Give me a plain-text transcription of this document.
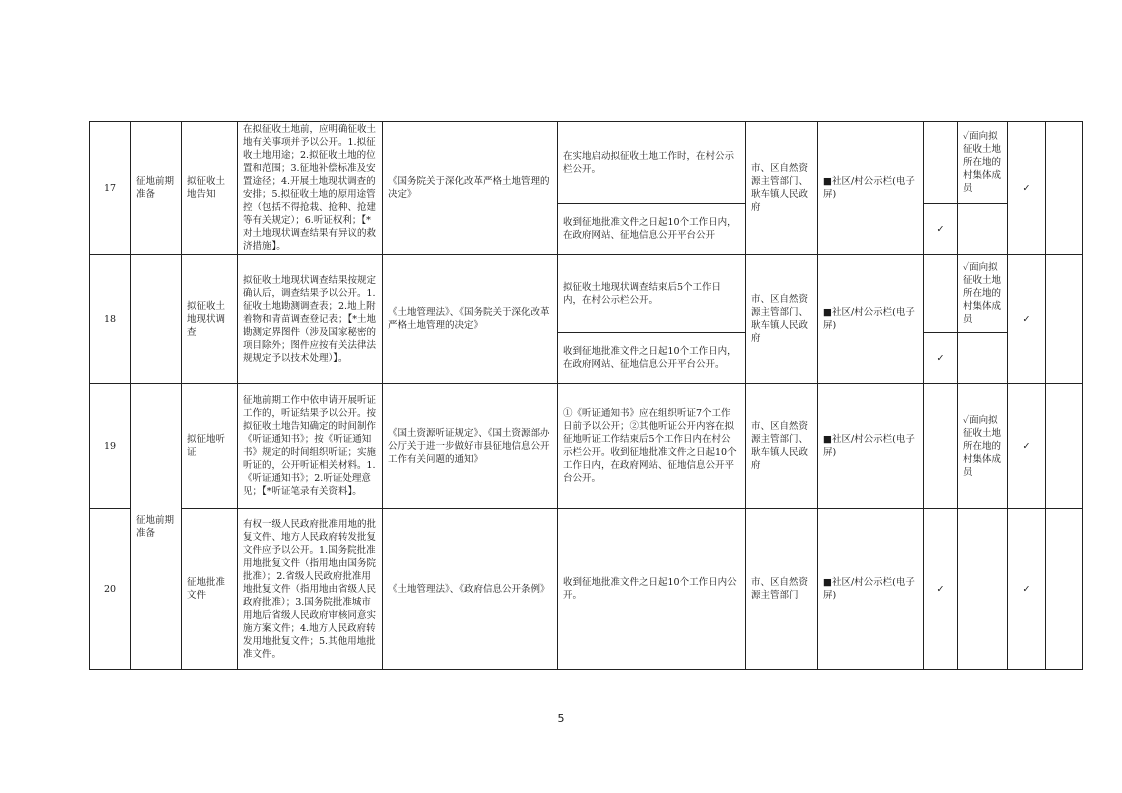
17	征地前期准备	拟征收土地告知	在拟征收土地前，应明确征收土地有关事项并予以公开。1.拟征收土地用途；2.拟征收土地的位置和范围；3.征地补偿标准及安置途径；4.开展土地现状调查的安排；5.拟征收土地的原用途管控（包括不得抢栽、抢种、抢建等有关规定）；6.听证权利；【*对土地现状调查结果有异议的救济措施】。	《国务院关于深化改革严格土地管理的决定》	在实地启动拟征收土地工作时，在村公示栏公开。	市、区自然资源主管部门、耿车镇人民政府	■社区/村公示栏(电子屏)		✓面向拟征收土地所在地的村集体成员	✓	
					收到征地批准文件之日起10个工作日内，在政府网站、征地信息公开平台公开			✓			
18		拟征收土地现状调查	拟征收土地现状调查结果按规定确认后，调查结果予以公开。1.征收土地勘测调查表；2.地上附着物和青苗调查登记表；【*土地勘测定界图件（涉及国家秘密的项目除外；图件应按有关法律法规规定予以技术处理）】。	《土地管理法》、《国务院关于深化改革严格土地管理的决定》	拟征收土地现状调查结束后5个工作日内，在村公示栏公开。	市、区自然资源主管部门、耿车镇人民政府	■社区/村公示栏(电子屏)		✓面向拟征收土地所在地的村集体成员	✓	
					收到征地批准文件之日起10个工作日内，在政府网站、征地信息公开平台公开。			✓			
19	征地前期准备	拟征地听证	征地前期工作中依申请开展听证工作的，听证结果予以公开。按拟征收土地告知确定的时间制作《听证通知书》；按《听证通知书》规定的时间组织听证；实施听证的，公开听证相关材料。1.《听证通知书》；2.听证处理意见；【*听证笔录有关资料】。	《国土资源听证规定》、《国土资源部办公厅关于进一步做好市县征地信息公开工作有关问题的通知》	①《听证通知书》应在组织听证7个工作日前予以公开；②其他听证公开内容在拟征地听证工作结束后5个工作日内在村公示栏公开。收到征地批准文件之日起10个工作日内，在政府网站、征地信息公开平台公开。	市、区自然资源主管部门、耿车镇人民政府	■社区/村公示栏(电子屏)		✓面向拟征收土地所在地的村集体成员	✓	
20		征地批准文件	有权一级人民政府批准用地的批复文件、地方人民政府转发批复文件应予以公开。1.国务院批准用地批复文件（指用地由国务院批准）；2.省级人民政府批准用地批复文件（指用地由省级人民政府批准）；3.国务院批准城市用地后省级人民政府审核同意实施方案文件；4.地方人民政府转发用地批复文件；5.其他用地批准文件。	《土地管理法》、《政府信息公开条例》	收到征地批准文件之日起10个工作日内公开。	市、区自然资源主管部门	■社区/村公示栏(电子屏)	✓		✓	
5
